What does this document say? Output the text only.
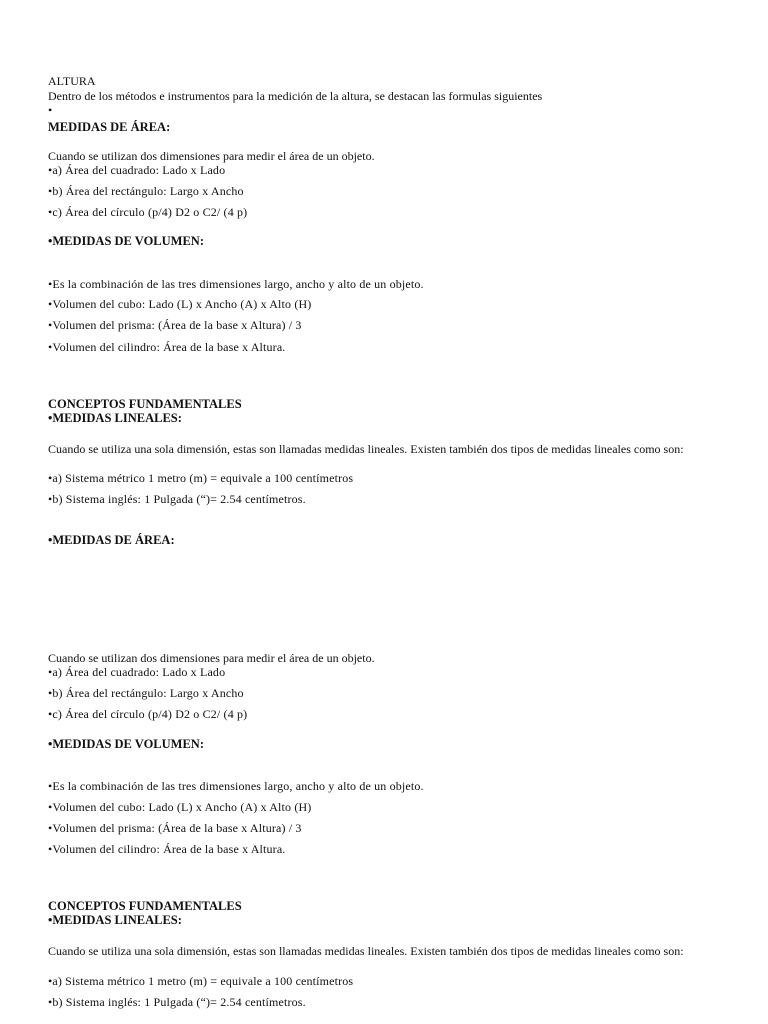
ALTURA
Dentro de los métodos e instrumentos para la medición de la altura, se destacan las formulas siguientes
•
MEDIDAS DE ÁREA:
Cuando se utilizan dos dimensiones para medir el área de un objeto.
•a) Área del cuadrado: Lado x Lado
•b) Área del rectángulo: Largo x Ancho
•c) Área del círculo (p/4) D2 o C2/ (4 p)
•MEDIDAS DE VOLUMEN:
•Es la combinación de las tres dimensiones largo, ancho y alto de un objeto.
•Volumen del cubo: Lado (L) x Ancho (A) x Alto (H)
•Volumen del prisma: (Área de la base x Altura) / 3
•Volumen del cilindro: Área de la base x Altura.
CONCEPTOS FUNDAMENTALES
•MEDIDAS LINEALES:
Cuando se utiliza una sola dimensión, estas son llamadas medidas lineales. Existen también dos tipos de medidas lineales como son:
•a) Sistema métrico 1 metro (m) = equivale a 100 centímetros
•b) Sistema inglés: 1 Pulgada (“)= 2.54 centímetros.
•MEDIDAS DE ÁREA:
Cuando se utilizan dos dimensiones para medir el área de un objeto.
•a) Área del cuadrado: Lado x Lado
•b) Área del rectángulo: Largo x Ancho
•c) Área del círculo (p/4) D2 o C2/ (4 p)
•MEDIDAS DE VOLUMEN:
•Es la combinación de las tres dimensiones largo, ancho y alto de un objeto.
•Volumen del cubo: Lado (L) x Ancho (A) x Alto (H)
•Volumen del prisma: (Área de la base x Altura) / 3
•Volumen del cilindro: Área de la base x Altura.
CONCEPTOS FUNDAMENTALES
•MEDIDAS LINEALES:
Cuando se utiliza una sola dimensión, estas son llamadas medidas lineales. Existen también dos tipos de medidas lineales como son:
•a) Sistema métrico 1 metro (m) = equivale a 100 centímetros
•b) Sistema inglés: 1 Pulgada (“)= 2.54 centímetros.
